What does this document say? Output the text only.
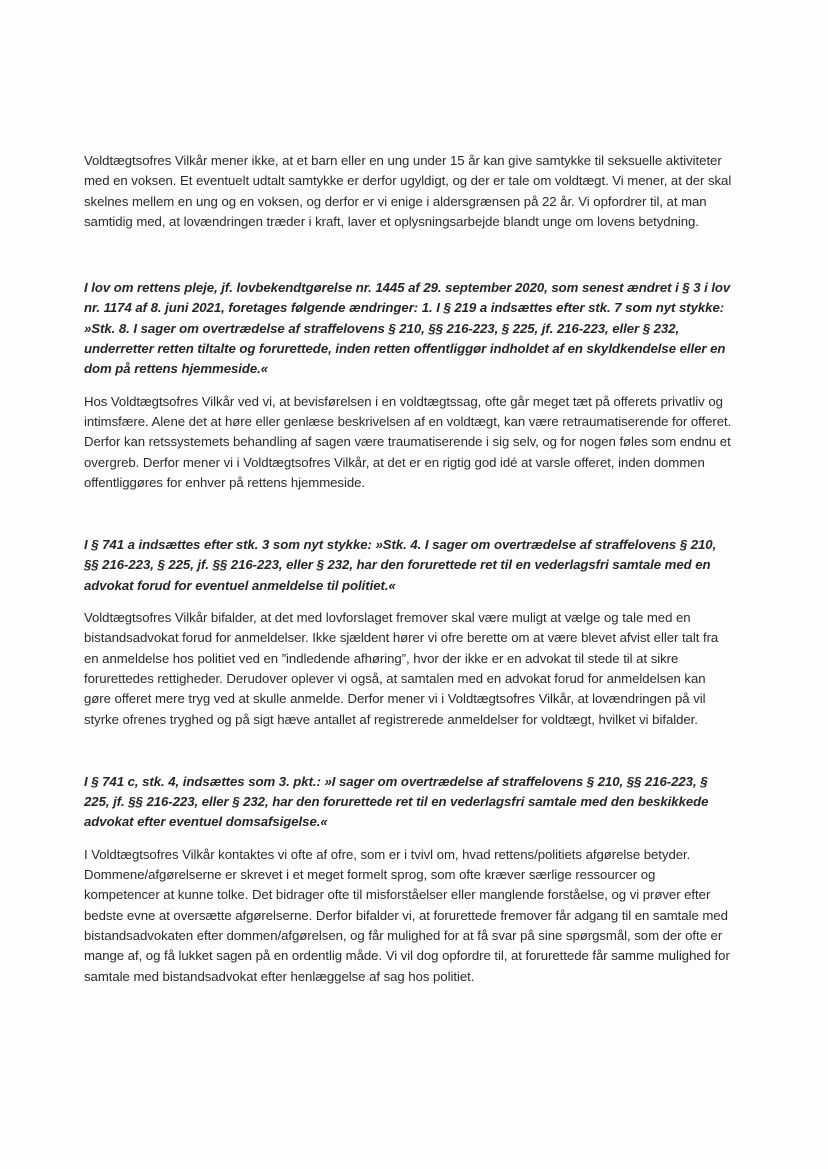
Voldtægtsofres Vilkår mener ikke, at et barn eller en ung under 15 år kan give samtykke til seksuelle aktiviteter med en voksen. Et eventuelt udtalt samtykke er derfor ugyldigt, og der er tale om voldtægt. Vi mener, at der skal skelnes mellem en ung og en voksen, og derfor er vi enige i aldersgrænsen på 22 år. Vi opfordrer til, at man samtidig med, at lovændringen træder i kraft, laver et oplysningsarbejde blandt unge om lovens betydning.

I lov om rettens pleje, jf. lovbekendtgørelse nr. 1445 af 29. september 2020, som senest ændret i § 3 i lov nr. 1174 af 8. juni 2021, foretages følgende ændringer: 1. I § 219 a indsættes efter stk. 7 som nyt stykke: »Stk. 8. I sager om overtrædelse af straffelovens § 210, §§ 216-223, § 225, jf. 216-223, eller § 232, underretter retten tiltalte og forurettede, inden retten offentliggør indholdet af en skyldkendelse eller en dom på rettens hjemmeside.«

Hos Voldtægtsofres Vilkår ved vi, at bevisførelsen i en voldtægtssag, ofte går meget tæt på offerets privatliv og intimsfære. Alene det at høre eller genlæse beskrivelsen af en voldtægt, kan være retraumatiserende for offeret. Derfor kan retssystemets behandling af sagen være traumatiserende i sig selv, og for nogen føles som endnu et overgreb. Derfor mener vi i Voldtægtsofres Vilkår, at det er en rigtig god idé at varsle offeret, inden dommen offentliggøres for enhver på rettens hjemmeside.

I § 741 a indsættes efter stk. 3 som nyt stykke: »Stk. 4. I sager om overtrædelse af straffelovens § 210, §§ 216-223, § 225, jf. §§ 216-223, eller § 232, har den forurettede ret til en vederlagsfri samtale med en advokat forud for eventuel anmeldelse til politiet.«

Voldtægtsofres Vilkår bifalder, at det med lovforslaget fremover skal være muligt at vælge og tale med en bistandsadvokat forud for anmeldelser. Ikke sjældent hører vi ofre berette om at være blevet afvist eller talt fra en anmeldelse hos politiet ved en ”indledende afhøring”, hvor der ikke er en advokat til stede til at sikre forurettedes rettigheder. Derudover oplever vi også, at samtalen med en advokat forud for anmeldelsen kan gøre offeret mere tryg ved at skulle anmelde. Derfor mener vi i Voldtægtsofres Vilkår, at lovændringen på vil styrke ofrenes tryghed og på sigt hæve antallet af registrerede anmeldelser for voldtægt, hvilket vi bifalder.

I § 741 c, stk. 4, indsættes som 3. pkt.: »I sager om overtrædelse af straffelovens § 210, §§ 216-223, § 225, jf. §§ 216-223, eller § 232, har den forurettede ret til en vederlagsfri samtale med den beskikkede advokat efter eventuel domsafsigelse.«

I Voldtægtsofres Vilkår kontaktes vi ofte af ofre, som er i tvivl om, hvad rettens/politiets afgørelse betyder. Dommene/afgørelserne er skrevet i et meget formelt sprog, som ofte kræver særlige ressourcer og kompetencer at kunne tolke. Det bidrager ofte til misforståelser eller manglende forståelse, og vi prøver efter bedste evne at oversætte afgørelserne. Derfor bifalder vi, at forurettede fremover får adgang til en samtale med bistandsadvokaten efter dommen/afgørelsen, og får mulighed for at få svar på sine spørgsmål, som der ofte er mange af, og få lukket sagen på en ordentlig måde. Vi vil dog opfordre til, at forurettede får samme mulighed for samtale med bistandsadvokat efter henlæggelse af sag hos politiet.
